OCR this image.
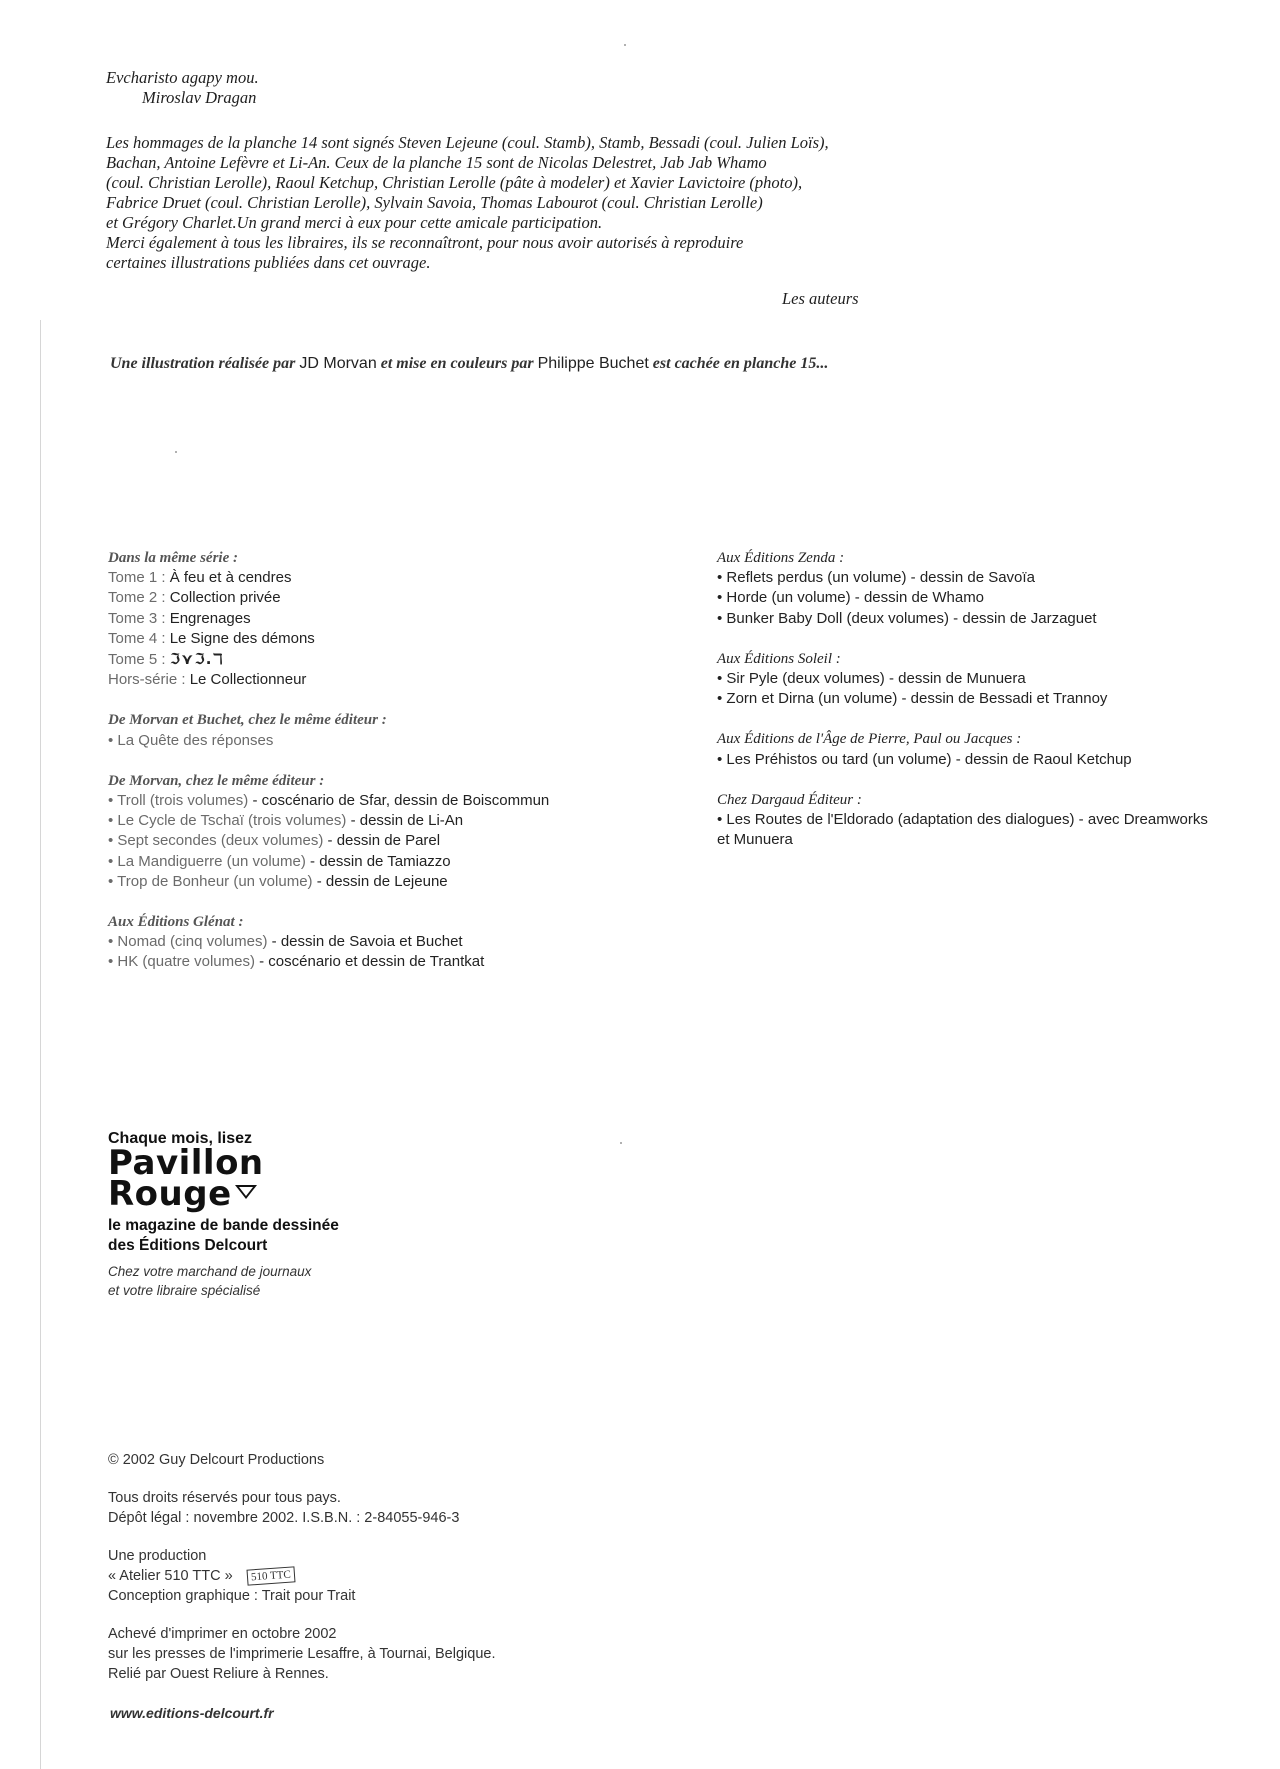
Evcharisto agapy mou.
Miroslav Dragan
Les hommages de la planche 14 sont signés Steven Lejeune (coul. Stamb), Stamb, Bessadi (coul. Julien Loïs),
Bachan, Antoine Lefèvre et Li-An. Ceux de la planche 15 sont de Nicolas Delestret, Jab Jab Whamo
(coul. Christian Lerolle), Raoul Ketchup, Christian Lerolle (pâte à modeler) et Xavier Lavictoire (photo),
Fabrice Druet (coul. Christian Lerolle), Sylvain Savoia, Thomas Labourot (coul. Christian Lerolle)
et Grégory Charlet.Un grand merci à eux pour cette amicale participation.
Merci également à tous les libraires, ils se reconnaîtront, pour nous avoir autorisés à reproduire
certaines illustrations publiées dans cet ouvrage.
Les auteurs
Une illustration réalisée par JD Morvan et mise en couleurs par Philippe Buchet est cachée en planche 15...
Dans la même série :
Tome 1 : À feu et à cendres
Tome 2 : Collection privée
Tome 3 : Engrenages
Tome 4 : Le Signe des démons
Tome 5 : ℑ⋎ℑ.ℸ
Hors-série : Le Collectionneur
De Morvan et Buchet, chez le même éditeur :
• La Quête des réponses
De Morvan, chez le même éditeur :
• Troll (trois volumes) - coscénario de Sfar, dessin de Boiscommun
• Le Cycle de Tschaï (trois volumes) - dessin de Li-An
• Sept secondes (deux volumes) - dessin de Parel
• La Mandiguerre (un volume) - dessin de Tamiazzo
• Trop de Bonheur (un volume) - dessin de Lejeune
Aux Éditions Glénat :
• Nomad (cinq volumes) - dessin de Savoia et Buchet
• HK (quatre volumes) - coscénario et dessin de Trantkat
Aux Éditions Zenda :
• Reflets perdus (un volume) - dessin de Savoïa
• Horde (un volume) - dessin de Whamo
• Bunker Baby Doll (deux volumes) - dessin de Jarzaguet
Aux Éditions Soleil :
• Sir Pyle (deux volumes) - dessin de Munuera
• Zorn et Dirna (un volume) - dessin de Bessadi et Trannoy
Aux Éditions de l'Âge de Pierre, Paul ou Jacques :
• Les Préhistos ou tard (un volume) - dessin de Raoul Ketchup
Chez Dargaud Éditeur :
• Les Routes de l'Eldorado (adaptation des dialogues) - avec Dreamworks
et Munuera
Chaque mois, lisez
Pavillon
Rouge
le magazine de bande dessinée
des Éditions Delcourt
Chez votre marchand de journaux
et votre libraire spécialisé
© 2002 Guy Delcourt Productions
Tous droits réservés pour tous pays.
Dépôt légal : novembre 2002. I.S.B.N. : 2-84055-946-3
Une production
« Atelier 510 TTC » 510 TTC
Conception graphique : Trait pour Trait
Achevé d'imprimer en octobre 2002
sur les presses de l'imprimerie Lesaffre, à Tournai, Belgique.
Relié par Ouest Reliure à Rennes.
www.editions-delcourt.fr
